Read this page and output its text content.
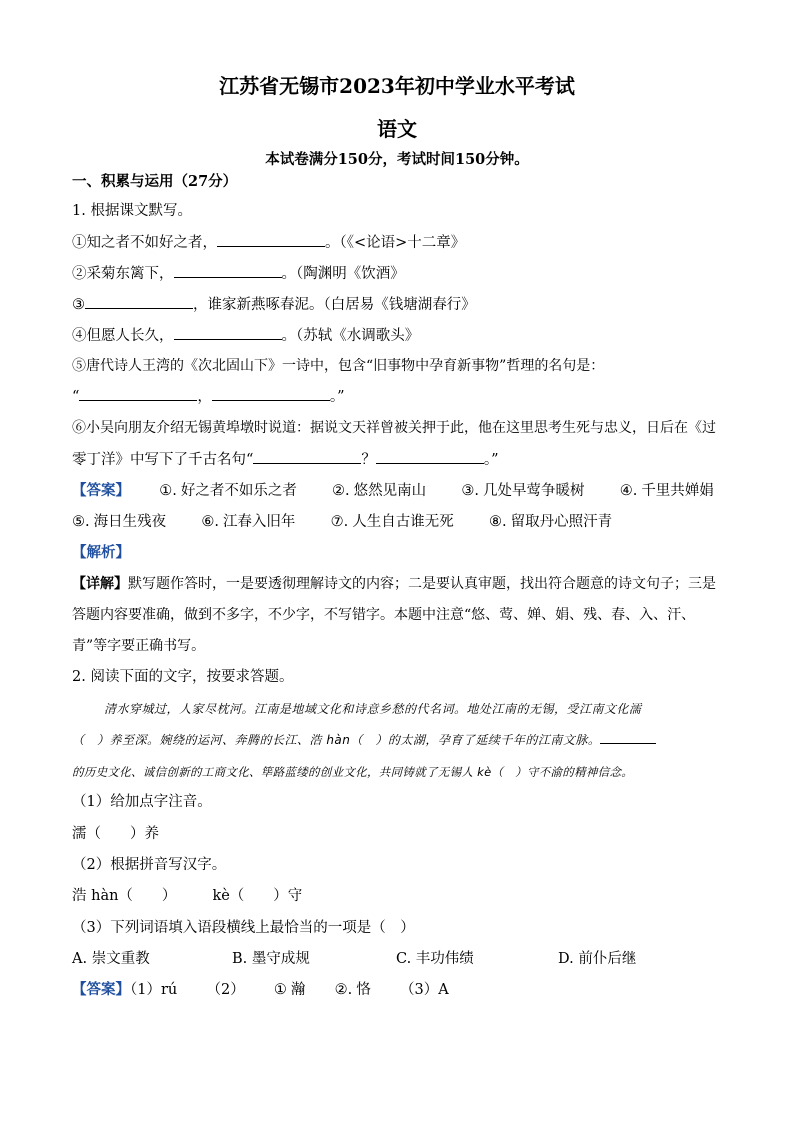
江苏省无锡市2023年初中学业水平考试
语文
本试卷满分150分，考试时间150分钟。
一、积累与运用（27分）
1. 根据课文默写。
①知之者不如好之者，	。（《<论语>十二章》
②采菊东篱下，	。（陶渊明《饮酒》
③	，谁家新燕啄春泥。（白居易《钱塘湖春行》
④但愿人长久，	。（苏轼《水调歌头》
⑤唐代诗人王湾的《次北固山下》一诗中，包含“旧事物中孕育新事物”哲理的名句是：
“	，	。”
⑥小吴向朋友介绍无锡黄埠墩时说道：据说文天祥曾被关押于此，他在这里思考生死与忠义，日后在《过
零丁洋》中写下了千古名句“	？	。”
【答案】 ①. 好之者不如乐之者 ②. 悠然见南山 ③. 几处早莺争暖树 ④. 千里共婵娟
⑤. 海日生残夜 ⑥. 江春入旧年 ⑦. 人生自古谁无死 ⑧. 留取丹心照汗青
【解析】
【详解】默写题作答时，一是要透彻理解诗文的内容；二是要认真审题，找出符合题意的诗文句子；三是
答题内容要准确，做到不多字，不少字，不写错字。本题中注意“悠、莺、婵、娟、残、春、入、汗、
青”等字要正确书写。
2. 阅读下面的文字，按要求答题。
清水穿城过，人家尽枕河。江南是地域文化和诗意乡愁的代名词。地处江南的无锡，受江南文化濡
（　）养至深。婉绕的运河、奔腾的长江、浩 hàn（　）的太湖，孕育了延续千年的江南文脉。
的历史文化、诚信创新的工商文化、筚路蓝缕的创业文化，共同铸就了无锡人 kè（　）守不渝的精神信念。
（1）给加点字注音。
濡（　　）养
（2）根据拼音写汉字。
浩 hàn（　　） kè（　　）守
（3）下列词语填入语段横线上最恰当的一项是（　）
A. 崇文重教	B. 墨守成规	C. 丰功伟绩	D. 前仆后继
【答案】（1）rú （2） ① 瀚 ②. 恪 （3）A
